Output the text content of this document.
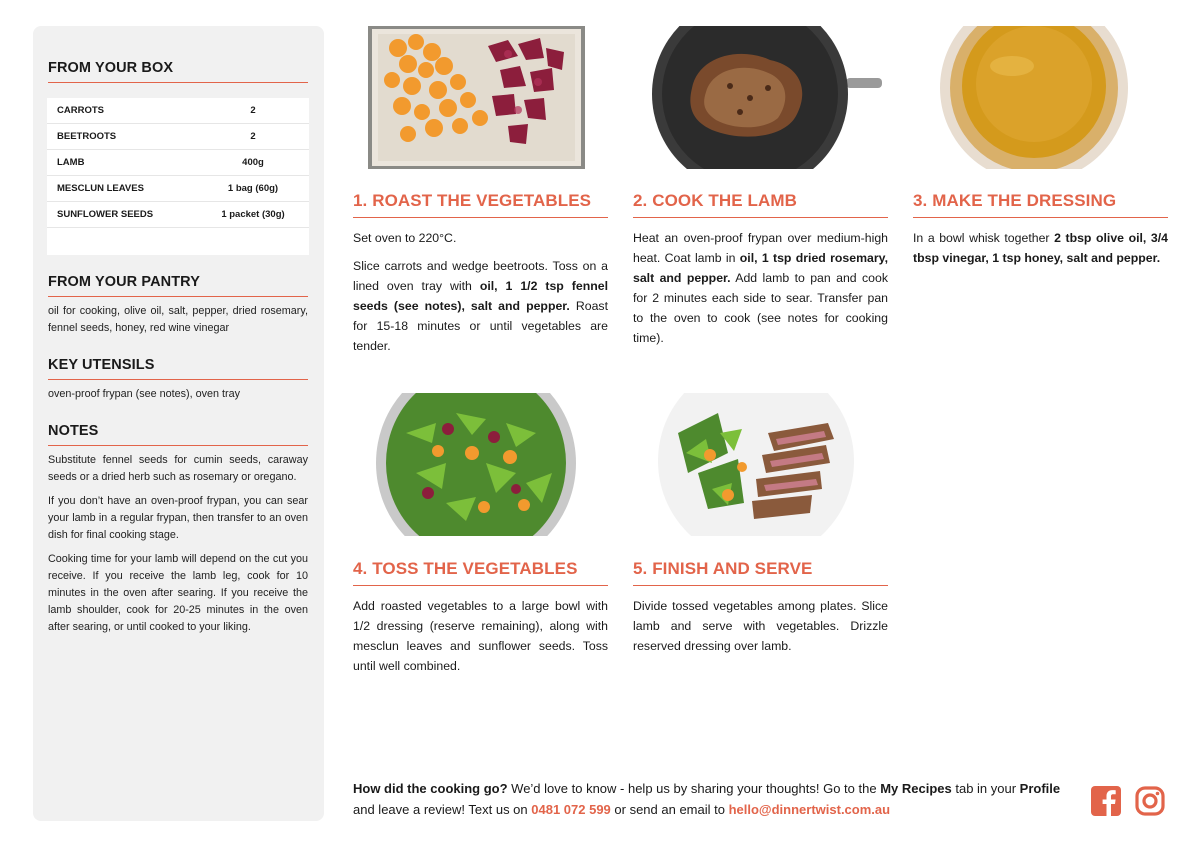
FROM YOUR BOX
CARROTS	2
BEETROOTS	2
LAMB	400g
MESCLUN LEAVES	1 bag (60g)
SUNFLOWER SEEDS	1 packet (30g)
FROM YOUR PANTRY
oil for cooking, olive oil, salt, pepper, dried rosemary, fennel seeds, honey, red wine vinegar
KEY UTENSILS
oven-proof frypan (see notes), oven tray
NOTES

Substitute fennel seeds for cumin seeds, caraway seeds or a dried herb such as rosemary or oregano.

If you don’t have an oven-proof frypan, you can sear your lamb in a regular frypan, then transfer to an oven dish for final cooking stage.

Cooking time for your lamb will depend on the cut you receive. If you receive the lamb leg, cook for 10 minutes in the oven after searing. If you receive the lamb shoulder, cook for 20-25 minutes in the oven after searing, or until cooked to your liking.

1. ROAST THE VEGETABLES

Set oven to 220°C.

Slice carrots and wedge beetroots. Toss on a lined oven tray with oil, 1 1/2 tsp fennel seeds (see notes), salt and pepper. Roast for 15-18 minutes or until vegetables are tender.

2. COOK THE LAMB

Heat an oven-proof frypan over medium-high heat. Coat lamb in oil, 1 tsp dried rosemary, salt and pepper. Add lamb to pan and cook for 2 minutes each side to sear. Transfer pan to the oven to cook (see notes for cooking time).

3. MAKE THE DRESSING

In a bowl whisk together 2 tbsp olive oil, 3/4 tbsp vinegar, 1 tsp honey, salt and pepper.

4. TOSS THE VEGETABLES

Add roasted vegetables to a large bowl with 1/2 dressing (reserve remaining), along with mesclun leaves and sunflower seeds. Toss until well combined.

5. FINISH AND SERVE

Divide tossed vegetables among plates. Slice lamb and serve with vegetables. Drizzle reserved dressing over lamb.

How did the cooking go? We’d love to know - help us by sharing your thoughts! Go to the My Recipes tab in your Profile and leave a review! Text us on 0481 072 599 or send an email to hello@dinnertwist.com.au
